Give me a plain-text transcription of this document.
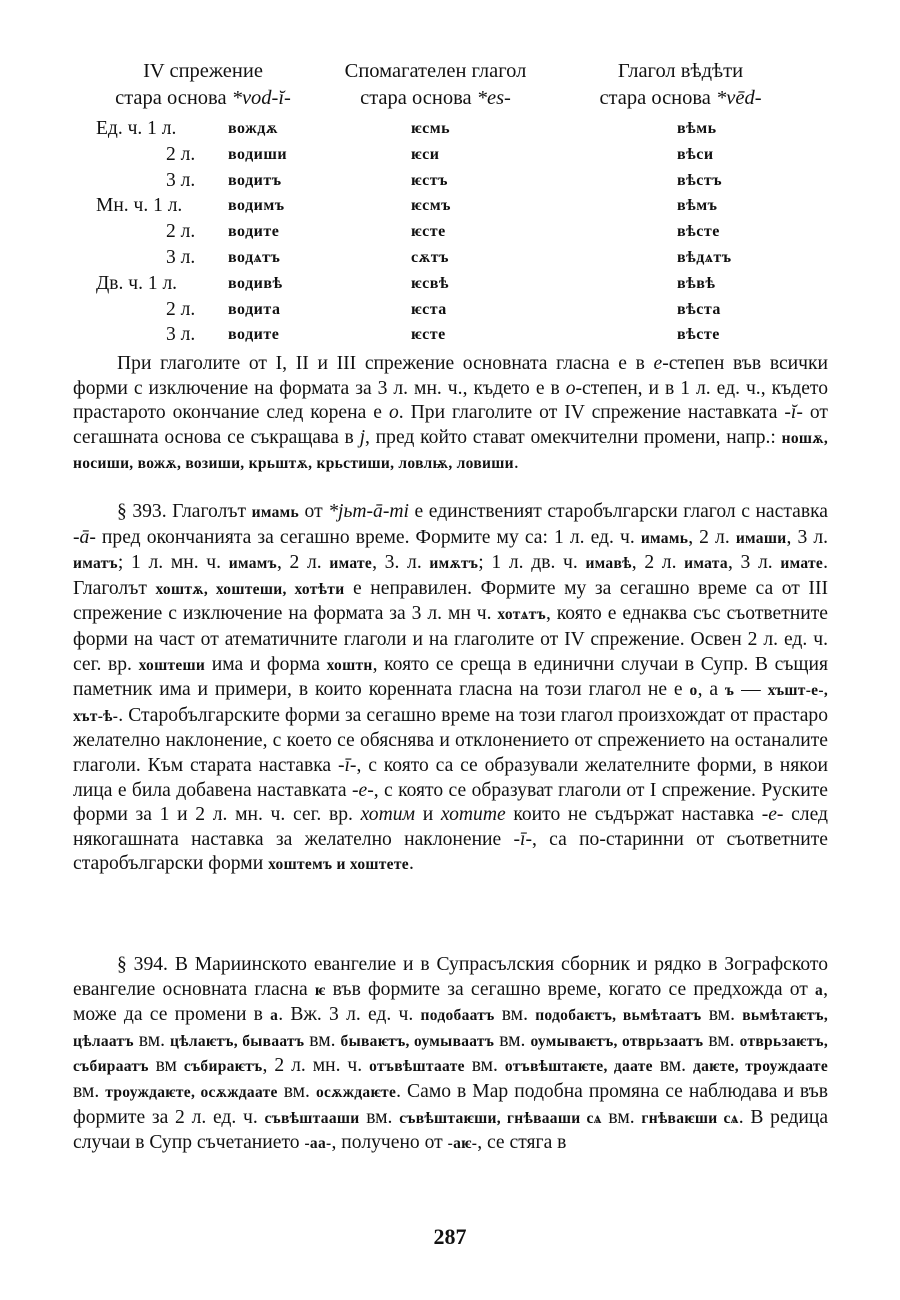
IV спрежение
стара основа *vod-ĭ-
Спомагателен глагол
стара основа *es-
Глагол вѣдѣти
стара основа *vēd-
Ед. ч. 1 л.	вождѫ	ѥсмь	вѣмь
2 л.	водиши	ѥси	вѣси
3 л.	водитъ	ѥстъ	вѣстъ
Мн. ч. 1 л.	водимъ	ѥсмъ	вѣмъ
2 л.	водите	ѥсте	вѣсте
3 л.	водѧтъ	сѫтъ	вѣдѧтъ
Дв. ч. 1 л.	водивѣ	ѥсвѣ	вѣвѣ
2 л.	водита	ѥста	вѣста
3 л.	водите	ѥсте	вѣсте

При глаголите от I, II и III спрежение основната гласна е в e-степен във всички форми с изключение на формата за 3 л. мн. ч., където е в o-степен, и в 1 л. ед. ч., където прастарото окончание след корена е o. При глаголите от IV спрежение наставката -ĭ- от сегашната основа се съкращава в j, пред който стават омекчителни промени, напр.: ношѫ, носиши, вожѫ, возиши, крьштѫ, крьстиши, ловлѭ, ловиши.

§ 393. Глаголът имамь от *jьm-ā-mi е единственият старобългарски глагол с наставка -ā- пред окончанията за сегашно време. Формите му са: 1 л. ед. ч. имамь, 2 л. имаши, 3 л. иматъ; 1 л. мн. ч. имамъ, 2 л. имате, 3. л. имѫтъ; 1 л. дв. ч. имавѣ, 2 л. имата, 3 л. имате. Глаголът хоштѫ, хоштеши, хотѣти е неправилен. Формите му за сегашно време са от III спрежение с изключение на формата за 3 л. мн ч. хотѧтъ, която е еднаква със съответните форми на част от атематичните глаголи и на глаголите от IV спрежение. Освен 2 л. ед. ч. сег. вр. хоштеши има и форма хоштн, която се среща в единични случаи в Супр. В същия паметник има и примери, в които коренната гласна на този глагол не е о, а ъ — хъшт-е-, хът-ѣ-. Старобългарските форми за сегашно време на този глагол произхождат от прастаро желателно наклонение, с което се обяснява и отклонението от спрежението на останалите глаголи. Към старата наставка -ī-, с която са се образували желателните форми, в някои лица е била добавена наставката -e-, с която се образуват глаголи от I спрежение. Руските форми за 1 и 2 л. мн. ч. сег. вр. хотим и хотите които не съдържат наставка -e- след някогашната наставка за желателно наклонение -ī-, са по-старинни от съответните старобългарски форми хоштемъ и хоштете.

§ 394. В Мариинското евангелие и в Супрасълския сборник и рядко в Зографското евангелие основната гласна ѥ във формите за сегашно време, когато се предхожда от а, може да се промени в а. Вж. 3 л. ед. ч. подобаатъ вм. подобаѥтъ, вьмѣтаатъ вм. вьмѣтаѥтъ, цѣлаатъ вм. цѣлаѥтъ, бываатъ вм. бываѥтъ, оумываатъ вм. оумываѥтъ, отврьзаатъ вм. отврьзаѥтъ, събираатъ вм събираѥтъ, 2 л. мн. ч. отъвѣштаате вм. отъвѣштаѥте, даате вм. даѥте, троуждаате вм. троуждаѥте, осѫждаате вм. осѫждаѥте. Само в Мар подобна промяна се наблюдава и във формите за 2 л. ед. ч. съвѣштааши вм. съвѣштаѥши, гнѣвааши сѧ вм. гнѣваѥши сѧ. В редица случаи в Супр съчетанието -аа-, получено от -аѥ-, се стяга в

287
